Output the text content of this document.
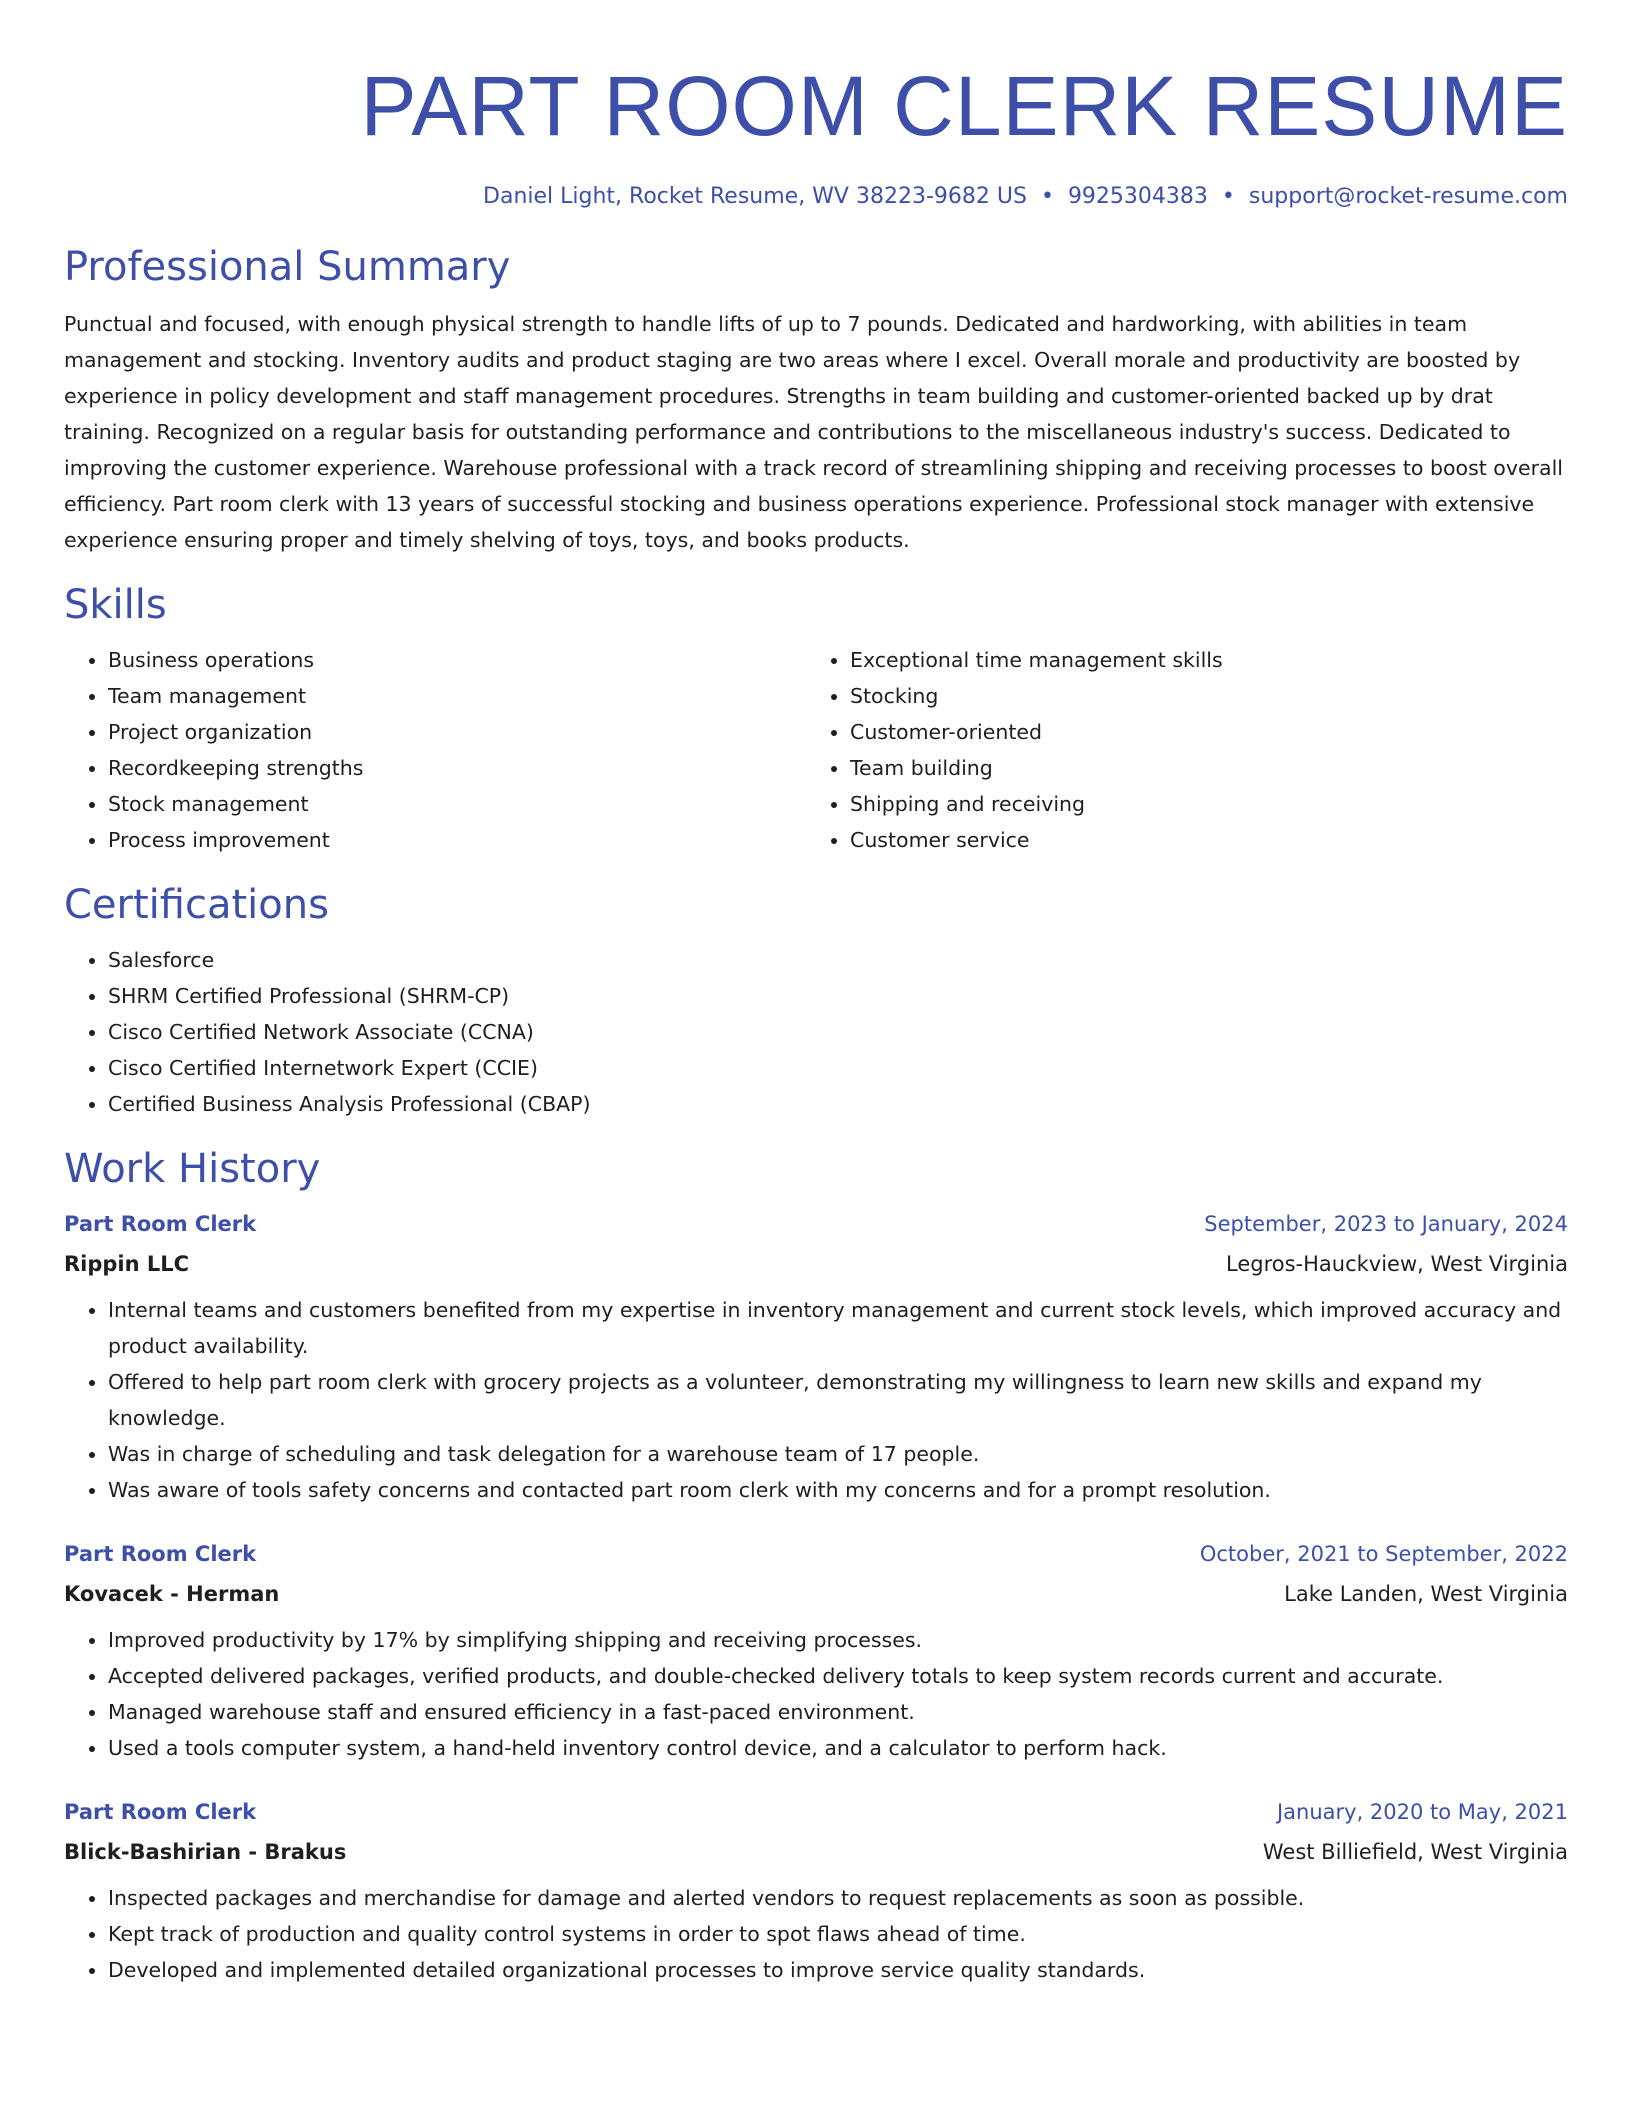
PART ROOM CLERK RESUME
Daniel Light, Rocket Resume, WV 38223-9682 US • 9925304383 • support@rocket-resume.com
Professional Summary

Punctual and focused, with enough physical strength to handle lifts of up to 7 pounds. Dedicated and hardworking, with abilities in team management and stocking. Inventory audits and product staging are two areas where I excel. Overall morale and productivity are boosted by experience in policy development and staff management procedures. Strengths in team building and customer-oriented backed up by drat training. Recognized on a regular basis for outstanding performance and contributions to the miscellaneous industry's success. Dedicated to improving the customer experience. Warehouse professional with a track record of streamlining shipping and receiving processes to boost overall efficiency. Part room clerk with 13 years of successful stocking and business operations experience. Professional stock manager with extensive experience ensuring proper and timely shelving of toys, toys, and books products.

Skills
• Business operations
• Team management
• Project organization
• Recordkeeping strengths
• Stock management
• Process improvement
• Exceptional time management skills
• Stocking
• Customer-oriented
• Team building
• Shipping and receiving
• Customer service
Certifications
• Salesforce
• SHRM Certified Professional (SHRM-CP)
• Cisco Certified Network Associate (CCNA)
• Cisco Certified Internetwork Expert (CCIE)
• Certified Business Analysis Professional (CBAP)
Work History
Part Room Clerk	September, 2023 to January, 2024
Rippin LLC	Legros-Hauckview, West Virginia
• Internal teams and customers benefited from my expertise in inventory management and current stock levels, which improved accuracy and product availability.
• Offered to help part room clerk with grocery projects as a volunteer, demonstrating my willingness to learn new skills and expand my knowledge.
• Was in charge of scheduling and task delegation for a warehouse team of 17 people.
• Was aware of tools safety concerns and contacted part room clerk with my concerns and for a prompt resolution.
Part Room Clerk	October, 2021 to September, 2022
Kovacek - Herman	Lake Landen, West Virginia
• Improved productivity by 17% by simplifying shipping and receiving processes.
• Accepted delivered packages, verified products, and double-checked delivery totals to keep system records current and accurate.
• Managed warehouse staff and ensured efficiency in a fast-paced environment.
• Used a tools computer system, a hand-held inventory control device, and a calculator to perform hack.
Part Room Clerk	January, 2020 to May, 2021
Blick-Bashirian - Brakus	West Billiefield, West Virginia
• Inspected packages and merchandise for damage and alerted vendors to request replacements as soon as possible.
• Kept track of production and quality control systems in order to spot flaws ahead of time.
• Developed and implemented detailed organizational processes to improve service quality standards.
